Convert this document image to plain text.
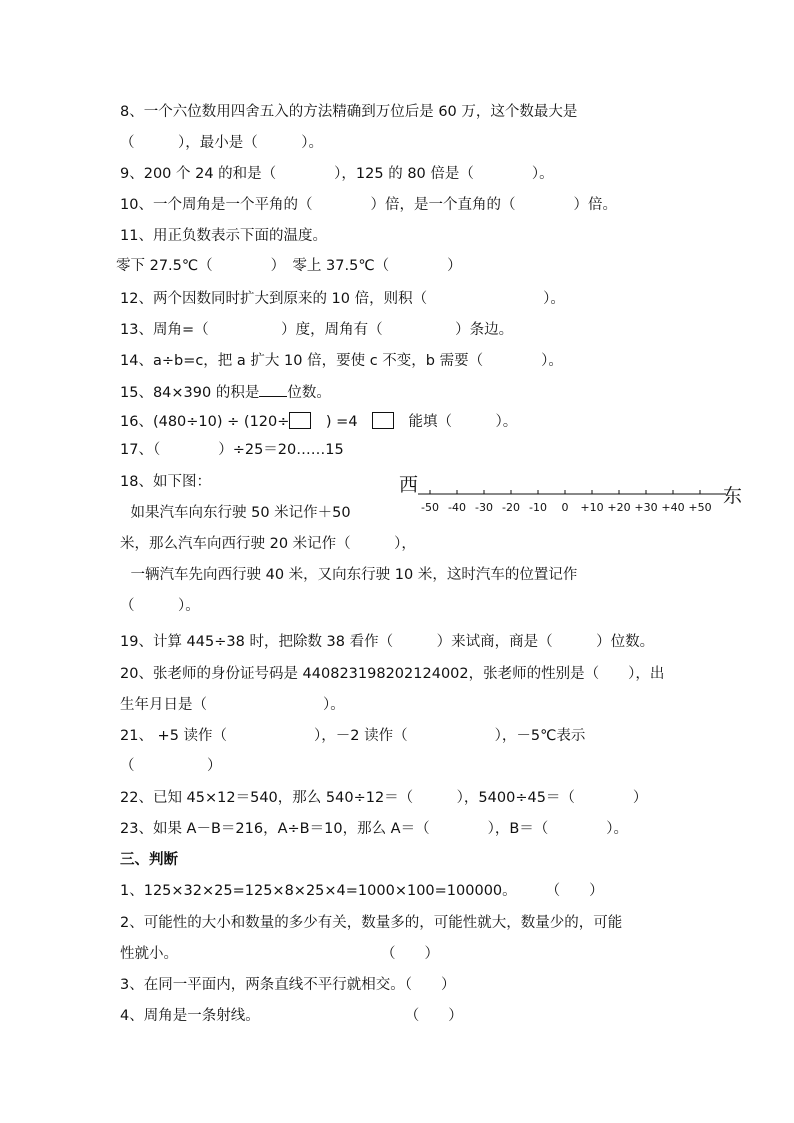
8、一个六位数用四舍五入的方法精确到万位后是 60 万，这个数最大是
（　　　），最小是（　　　）。
9、200 个 24 的和是（　　　　），125 的 80 倍是（　　　　）。
10、一个周角是一个平角的（　　　　）倍，是一个直角的（　　　　）倍。
11、用正负数表示下面的温度。
零下 27.5℃（　　　　）　零上 37.5℃（　　　　）
12、两个因数同时扩大到原来的 10 倍，则积（　　　　　　　　）。
13、周角=（　　　　　）度，周角有（　　　　　）条边。
14、a÷b=c，把 a 扩大 10 倍，要使 c 不变，b 需要（　　　　）。
15、84×390 的积是 位数。
16、(480÷10) ÷ (120÷　) =4　　能填（　　　）。
17、（　　　　）÷25＝20……15
18、如下图：
　如果汽车向东行驶 50 米记作＋50
米，那么汽车向西行驶 20 米记作（　　　），
　一辆汽车先向西行驶 40 米，又向东行驶 10 米，这时汽车的位置记作
（　　　）。
西	东
-50 -40 -30 -20 -10 0 +10 +20 +30 +40 +50
19、计算 445÷38 时，把除数 38 看作（　　　）来试商，商是（　　　）位数。
20、张老师的身份证号码是 440823198202124002，张老师的性别是（　　），出
生年月日是（　　　　　　　　）。
21、 +5 读作（　　　　　　），－2 读作（　　　　　　），－5℃表示
（　　　　　）
22、已知 45×12＝540，那么 540÷12＝（　　　），5400÷45＝（　　　　）
23、如果 A－B＝216，A÷B＝10，那么 A＝（　　　　），B＝（　　　　）。
三、判断
1、125×32×25=125×8×25×4=1000×100=100000。　　　（　　）
2、可能性的大小和数量的多少有关，数量多的，可能性就大，数量少的，可能
性就小。　　　　　　　　　　　　　　　（　　）
3、在同一平面内，两条直线不平行就相交。（　　）
4、周角是一条射线。　　　　　　　　　　　（　　）
